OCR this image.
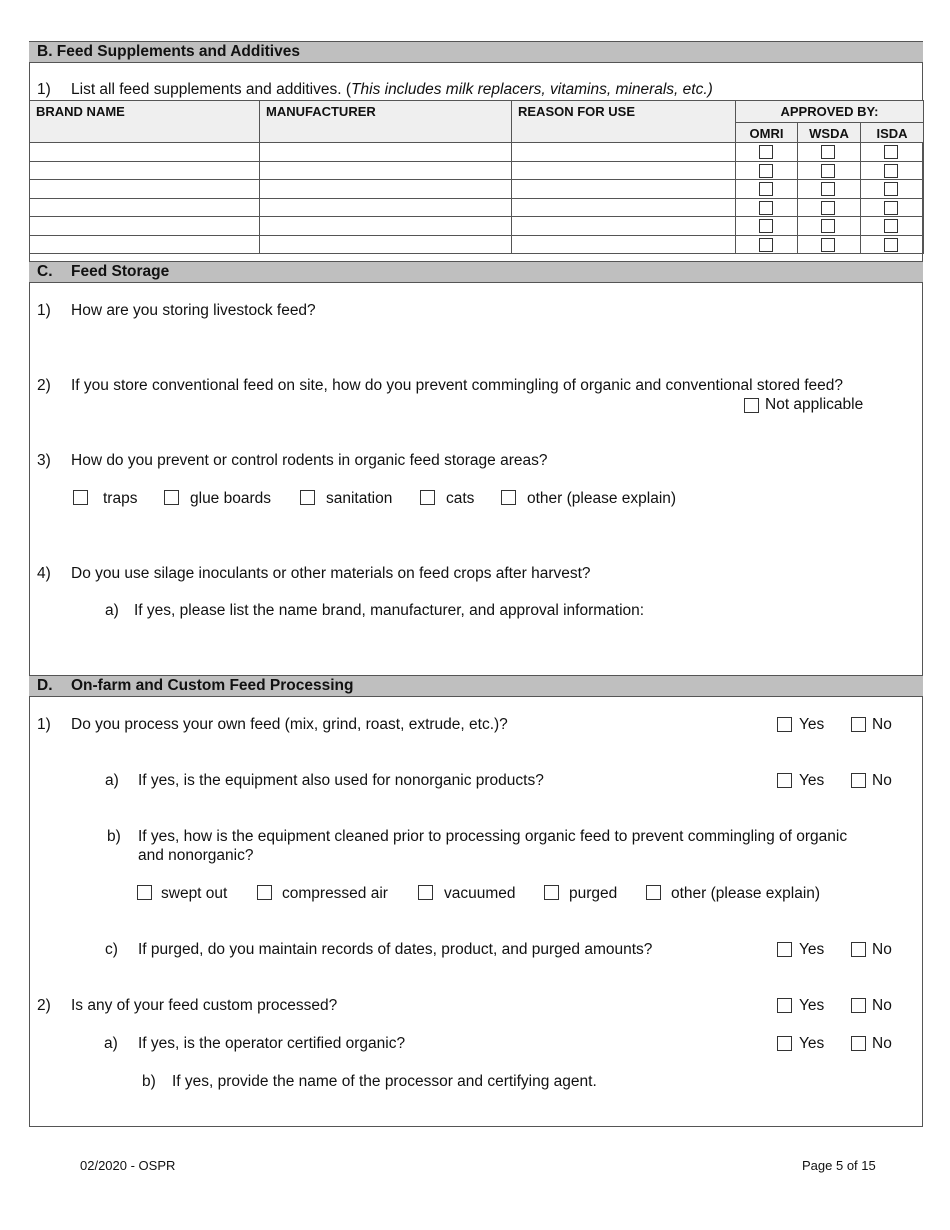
B. Feed Supplements and Additives
1) List all feed supplements and additives. (This includes milk replacers, vitamins, minerals, etc.)
BRAND NAME	MANUFACTURER	REASON FOR USE	APPROVED BY:		
			OMRI	WSDA	ISDA

C. Feed Storage
1) How are you storing livestock feed?
2) If you store conventional feed on site, how do you prevent commingling of organic and conventional stored feed?
Not applicable
3) How do you prevent or control rodents in organic feed storage areas?
traps	glue boards	sanitation	cats	other (please explain)
4) Do you use silage inoculants or other materials on feed crops after harvest?
a) If yes, please list the name brand, manufacturer, and approval information:
D. On-farm and Custom Feed Processing
1) Do you process your own feed (mix, grind, roast, extrude, etc.)?	Yes	No
a) If yes, is the equipment also used for nonorganic products?	Yes	No
b) If yes, how is the equipment cleaned prior to processing organic feed to prevent commingling of organic
and nonorganic?
swept out	compressed air	vacuumed	purged	other (please explain)
c) If purged, do you maintain records of dates, product, and purged amounts?	Yes	No
2) Is any of your feed custom processed?	Yes	No
a) If yes, is the operator certified organic?	Yes	No
b) If yes, provide the name of the processor and certifying agent.
02/2020 - OSPR	Page 5 of 15
